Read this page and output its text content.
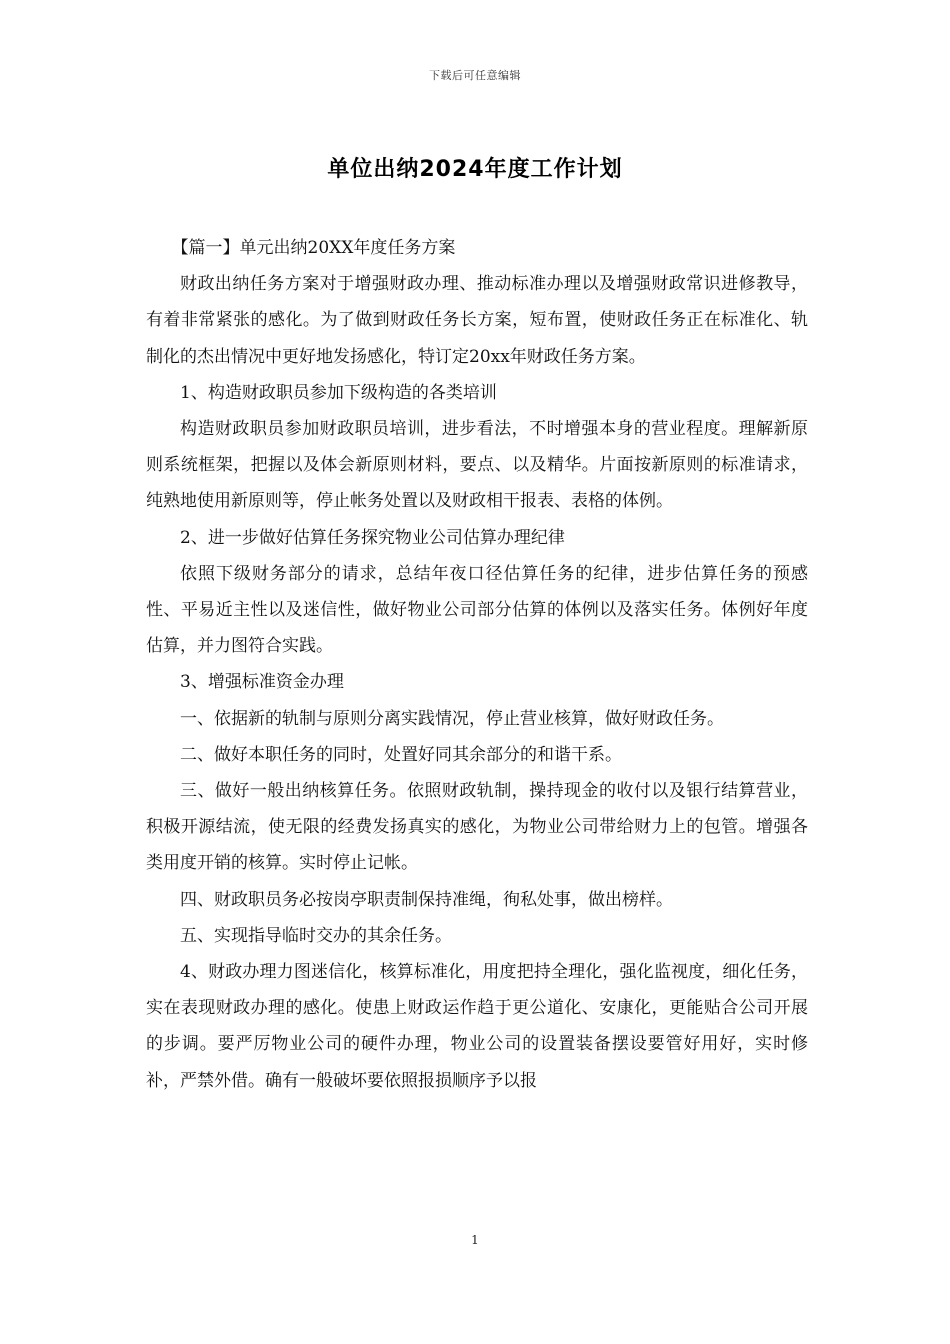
下载后可任意编辑
单位出纳2024年度工作计划

【篇一】单元出纳20XX年度任务方案

财政出纳任务方案对于增强财政办理、推动标准办理以及增强财政常识进修教导，有着非常紧张的感化。为了做到财政任务长方案，短布置，使财政任务正在标准化、轨制化的杰出情况中更好地发扬感化，特订定20xx年财政任务方案。

1、构造财政职员参加下级构造的各类培训

构造财政职员参加财政职员培训，进步看法，不时增强本身的营业程度。理解新原则系统框架，把握以及体会新原则材料，要点、以及精华。片面按新原则的标准请求，纯熟地使用新原则等，停止帐务处置以及财政相干报表、表格的体例。

2、进一步做好估算任务探究物业公司估算办理纪律

依照下级财务部分的请求，总结年夜口径估算任务的纪律，进步估算任务的预感性、平易近主性以及迷信性，做好物业公司部分估算的体例以及落实任务。体例好年度估算，并力图符合实践。

3、增强标准资金办理

一、依据新的轨制与原则分离实践情况，停止营业核算，做好财政任务。

二、做好本职任务的同时，处置好同其余部分的和谐干系。

三、做好一般出纳核算任务。依照财政轨制，操持现金的收付以及银行结算营业，积极开源结流，使无限的经费发扬真实的感化，为物业公司带给财力上的包管。增强各类用度开销的核算。实时停止记帐。

四、财政职员务必按岗亭职责制保持准绳，徇私处事，做出榜样。

五、实现指导临时交办的其余任务。

4、财政办理力图迷信化，核算标准化，用度把持全理化，强化监视度，细化任务，实在表现财政办理的感化。使患上财政运作趋于更公道化、安康化，更能贴合公司开展的步调。要严厉物业公司的硬件办理，物业公司的设置装备摆设要管好用好，实时修补，严禁外借。确有一般破坏要依照报损顺序予以报

1
